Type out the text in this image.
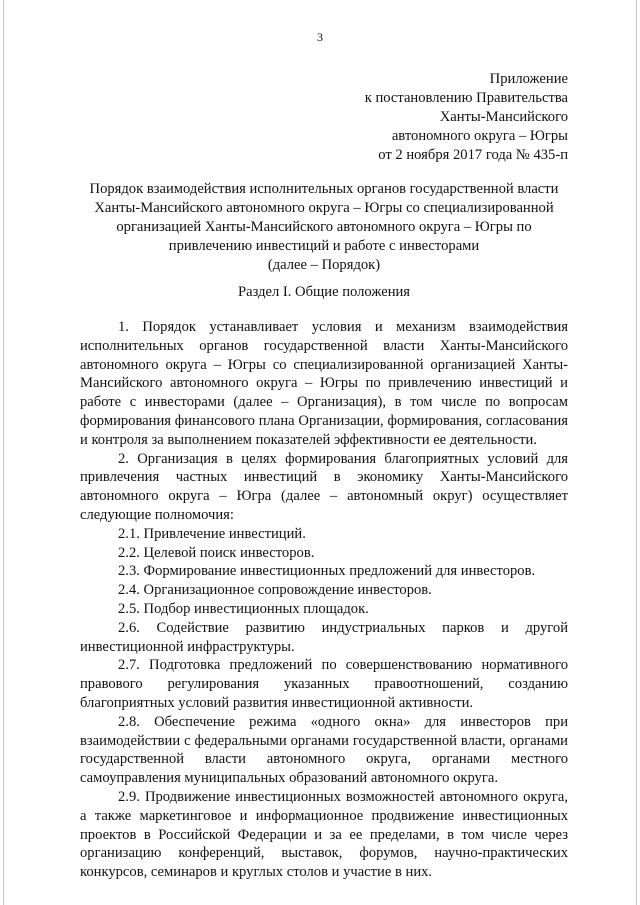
3
Приложение
к постановлению Правительства
Ханты-Мансийского
автономного округа – Югры
от 2 ноября 2017 года № 435-п
Порядок взаимодействия исполнительных органов государственной власти
Ханты-Мансийского автономного округа – Югры со специализированной
организацией Ханты-Мансийского автономного округа – Югры по
привлечению инвестиций и работе с инвесторами
(далее – Порядок)
Раздел I. Общие положения

1. Порядок устанавливает условия и механизм взаимодействия исполнительных органов государственной власти Ханты-Мансийского автономного округа – Югры со специализированной организацией Ханты-Мансийского автономного округа – Югры по привлечению инвестиций и работе с инвесторами (далее – Организация), в том числе по вопросам формирования финансового плана Организации, формирования, согласования и контроля за выполнением показателей эффективности ее деятельности.

2. Организация в целях формирования благоприятных условий для привлечения частных инвестиций в экономику Ханты-Мансийского автономного округа – Югра (далее – автономный округ) осуществляет следующие полномочия:

2.1. Привлечение инвестиций.

2.2. Целевой поиск инвесторов.

2.3. Формирование инвестиционных предложений для инвесторов.

2.4. Организационное сопровождение инвесторов.

2.5. Подбор инвестиционных площадок.

2.6. Содействие развитию индустриальных парков и другой инвестиционной инфраструктуры.

2.7. Подготовка предложений по совершенствованию нормативного правового регулирования указанных правоотношений, созданию благоприятных условий развития инвестиционной активности.

2.8. Обеспечение режима «одного окна» для инвесторов при взаимодействии с федеральными органами государственной власти, органами государственной власти автономного округа, органами местного самоуправления муниципальных образований автономного округа.

2.9. Продвижение инвестиционных возможностей автономного округа, а также маркетинговое и информационное продвижение инвестиционных проектов в Российской Федерации и за ее пределами, в том числе через организацию конференций, выставок, форумов, научно-практических конкурсов, семинаров и круглых столов и участие в них.
